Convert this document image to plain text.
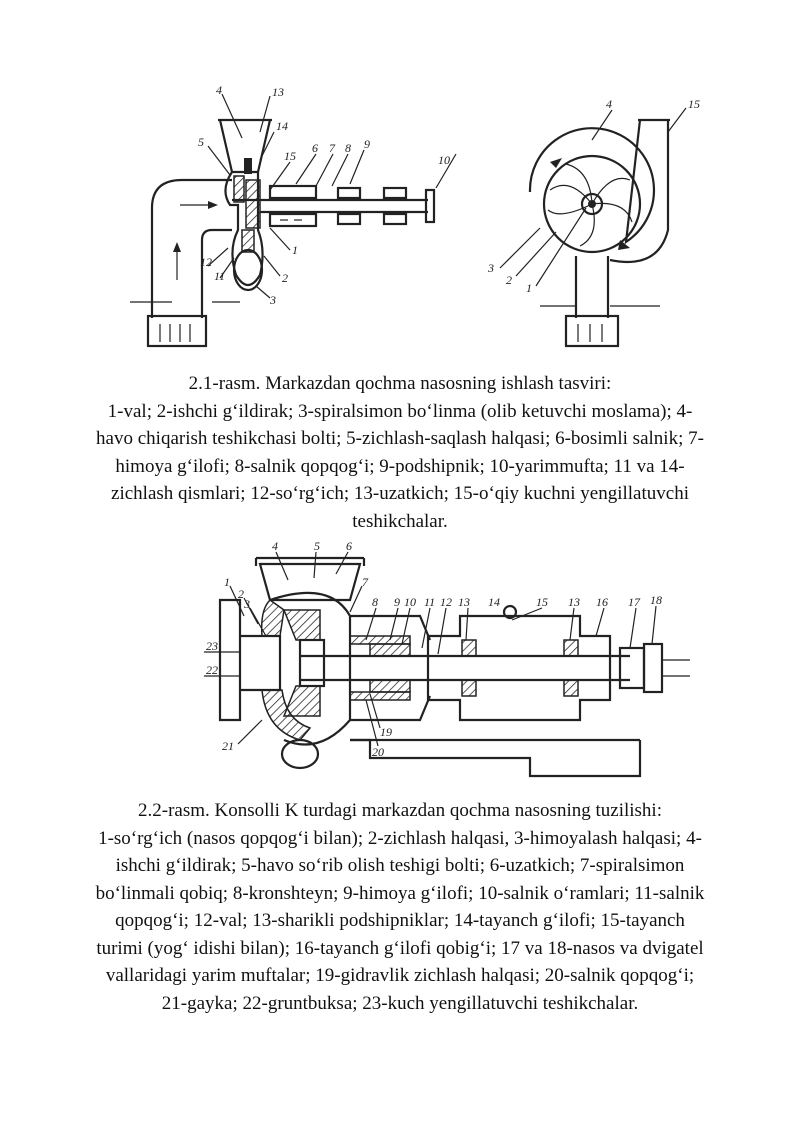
4	13
14
5
15
6 7 8 9
10
1
2
3
12
11
4	15
3
2
1
2.1-rasm. Markazdan qochma nasosning ishlash tasviri:
1-val; 2-ishchi g‘ildirak; 3-spiralsimon bo‘linma (olib ketuvchi moslama); 4-havo chiqarish teshikchasi bolti; 5-zichlash-saqlash halqasi; 6-bosimli salnik; 7-himoya g‘ilofi; 8-salnik qopqog‘i; 9-podshipnik; 10-yarimmufta; 11 va 14-zichlash qismlari; 12-so‘rg‘ich; 13-uzatkich; 15-o‘qiy kuchni yengillatuvchi teshikchalar.
4	5 6
1
2
3
7
8 9 10 11 12 13 14	15 13 16 17 18
23
22
21
19
20
2.2-rasm. Konsolli K turdagi markazdan qochma nasosning tuzilishi:
1-so‘rg‘ich (nasos qopqog‘i bilan); 2-zichlash halqasi, 3-himoyalash halqasi; 4-ishchi g‘ildirak; 5-havo so‘rib olish teshigi bolti; 6-uzatkich; 7-spiralsimon bo‘linmali qobiq; 8-kronshteyn; 9-himoya g‘ilofi; 10-salnik o‘ramlari; 11-salnik qopqog‘i; 12-val; 13-sharikli podshipniklar; 14-tayanch g‘ilofi; 15-tayanch turimi (yog‘ idishi bilan); 16-tayanch g‘ilofi qobig‘i; 17 va 18-nasos va dvigatel vallaridagi yarim muftalar; 19-gidravlik zichlash halqasi; 20-salnik qopqog‘i; 21-gayka; 22-gruntbuksa; 23-kuch yengillatuvchi teshikchalar.
